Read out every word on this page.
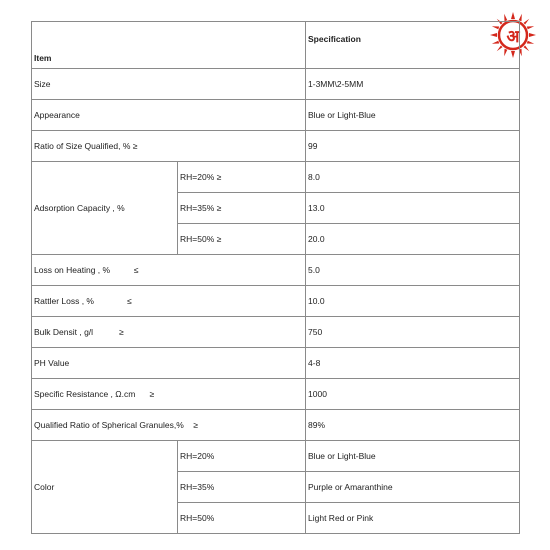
अ
Item		Specification
Size		1-3MM\2-5MM
Appearance		Blue or Light-Blue
Ratio of Size Qualified, % ≥		99
Adsorption Capacity , %	RH=20% ≥	8.0
	RH=35% ≥	13.0
	RH=50% ≥	20.0
Loss on Heating , %          ≤		5.0
Rattler Loss , %              ≤		10.0
Bulk Densit , g/l           ≥		750
PH Value		4-8
Specific Resistance , Ω.cm      ≥		1000
Qualified Ratio of Spherical Granules,%    ≥		89%
Color	RH=20%	Blue or Light-Blue
	RH=35%	Purple or Amaranthine
	RH=50%	Light Red or Pink
